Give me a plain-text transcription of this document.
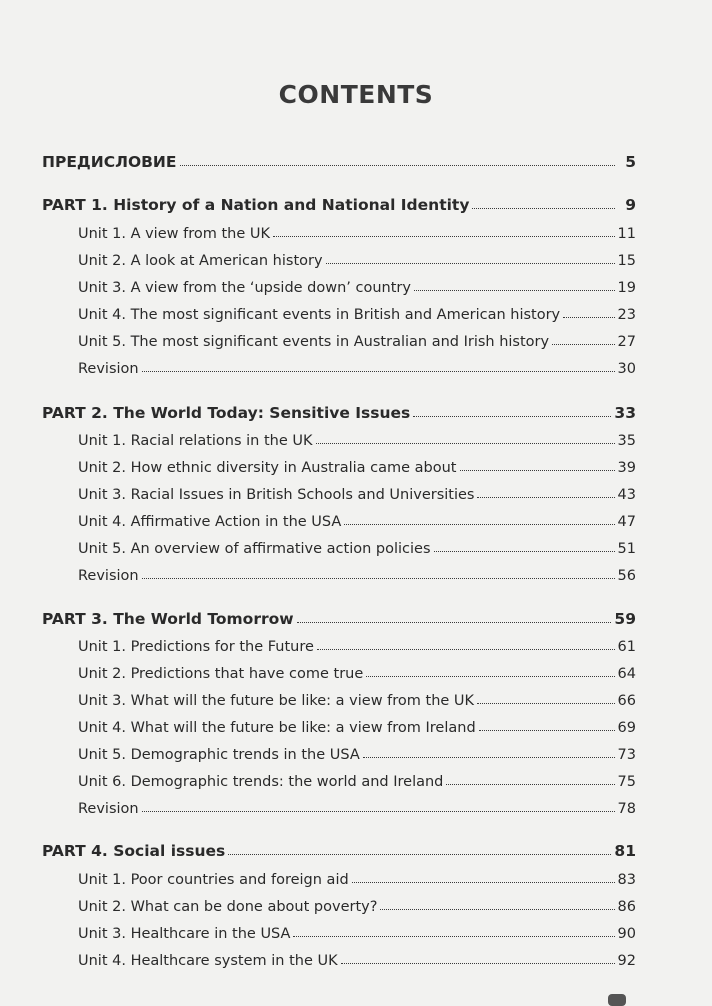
CONTENTS
ПРЕДИСЛОВИЕ	5
PART 1. History of a Nation and National Identity	9
Unit 1. A view from the UK	11
Unit 2. A look at American history	15
Unit 3. A view from the ‘upside down’ country	19
Unit 4. The most significant events in British and American history	23
Unit 5. The most significant events in Australian and Irish history	27
Revision	30
PART 2. The World Today: Sensitive Issues	33
Unit 1. Racial relations in the UK	35
Unit 2. How ethnic diversity in Australia came about	39
Unit 3. Racial Issues in British Schools and Universities	43
Unit 4. Affirmative Action in the USA	47
Unit 5. An overview of affirmative action policies	51
Revision	56
PART 3. The World Tomorrow	59
Unit 1. Predictions for the Future	61
Unit 2. Predictions that have come true	64
Unit 3. What will the future be like: a view from the UK	66
Unit 4. What will the future be like: a view from Ireland	69
Unit 5. Demographic trends in the USA	73
Unit 6. Demographic trends: the world and Ireland	75
Revision	78
PART 4. Social issues	81
Unit 1. Poor countries and foreign aid	83
Unit 2. What can be done about poverty?	86
Unit 3. Healthcare in the USA	90
Unit 4. Healthcare system in the UK	92
